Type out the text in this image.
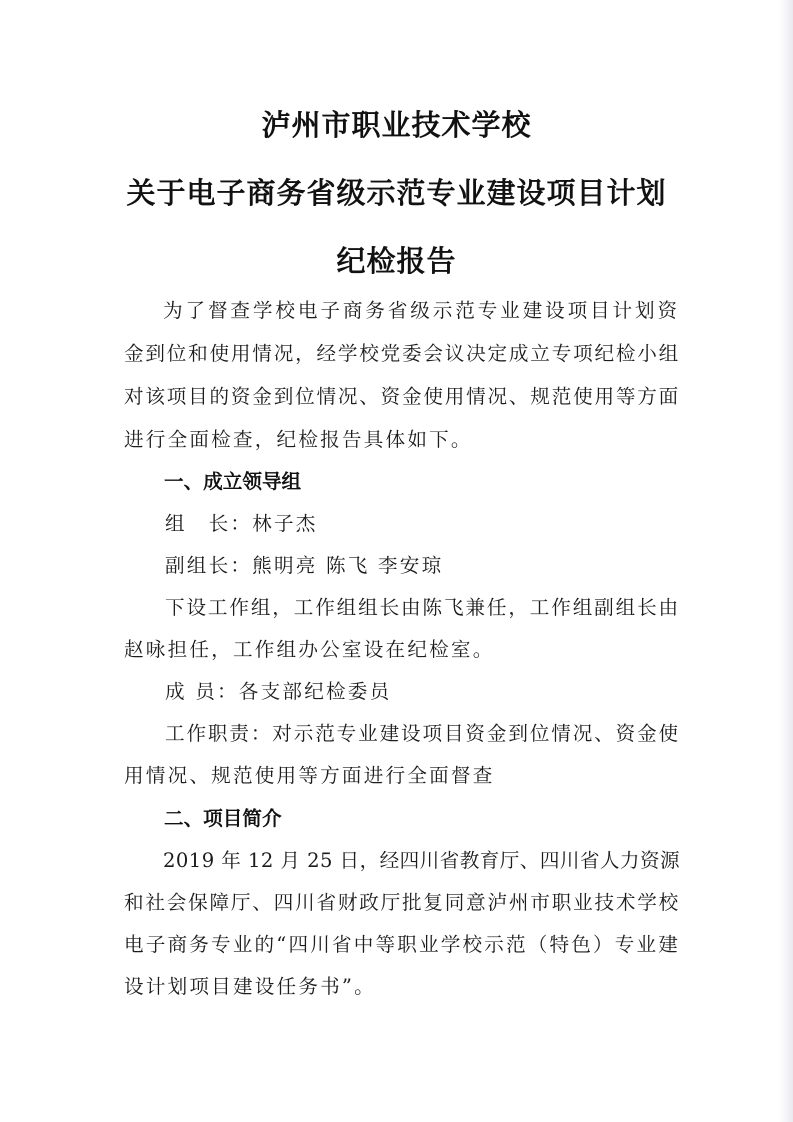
泸州市职业技术学校
关于电子商务省级示范专业建设项目计划
纪检报告
为了督查学校电子商务省级示范专业建设项目计划资
金到位和使用情况，经学校党委会议决定成立专项纪检小组
对该项目的资金到位情况、资金使用情况、规范使用等方面
进行全面检查，纪检报告具体如下。
一、成立领导组
组　长：林子杰
副组长：熊明亮 陈飞 李安琼
下设工作组，工作组组长由陈飞兼任，工作组副组长由
赵咏担任，工作组办公室设在纪检室。
成 员：各支部纪检委员
工作职责：对示范专业建设项目资金到位情况、资金使
用情况、规范使用等方面进行全面督查
二、项目简介
2019 年 12 月 25 日，经四川省教育厅、四川省人力资源
和社会保障厅、四川省财政厅批复同意泸州市职业技术学校
电子商务专业的“四川省中等职业学校示范（特色）专业建
设计划项目建设任务书”。
